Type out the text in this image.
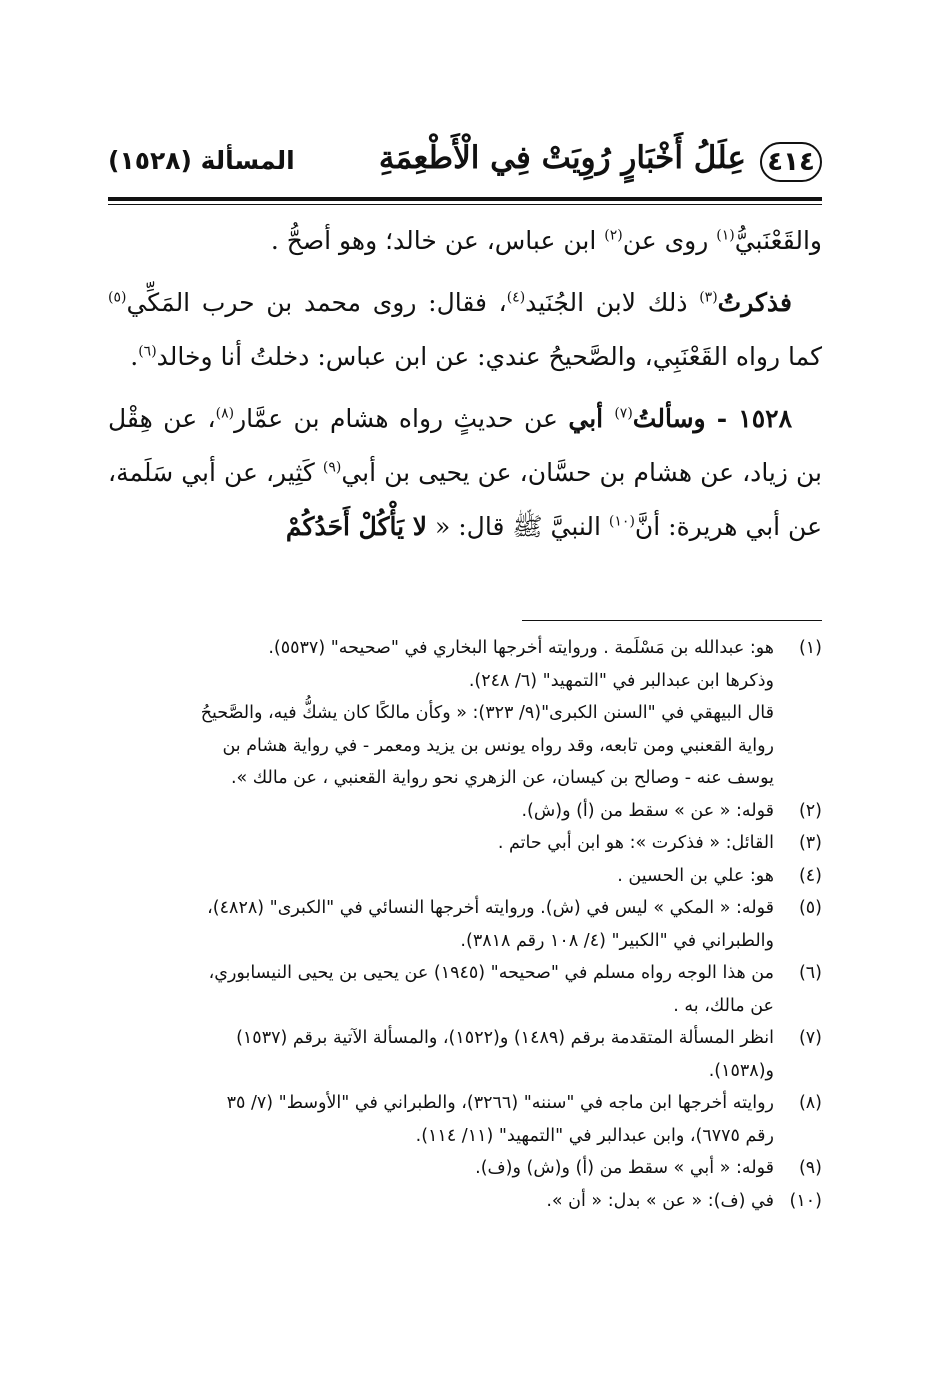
٤١٤
عِلَلُ أَخْبَارٍ رُوِيَتْ فِي الْأَطْعِمَةِ
المسألة (١٥٢٨)

والقَعْنَبيُّ$^{(١)}$ روى عن$^{(٢)}$ ابن عباس، عن خالد؛ وهو أصحُّ .

فذكرتُ$^{(٣)}$ ذلك لابن الجُنَيد$^{(٤)}$، فقال: روى محمد بن حرب المَكِّي$^{(٥)}$ كما رواه القَعْنَبِي، والصَّحيحُ عندي: عن ابن عباس: دخلتُ أنا وخالد$^{(٦)}$.

١٥٢٨ - وسألتُ$^{(٧)}$ أبي عن حديثٍ رواه هشام بن عمَّار$^{(٨)}$، عن هِقْل بن زياد، عن هشام بن حسَّان، عن يحيى بن أبي$^{(٩)}$ كَثِير، عن أبي سَلَمة، عن أبي هريرة: أنَّ$^{(١٠)}$ النبيَّ ﷺ قال: « لا يَأْكُلْ أَحَدُكُمْ

(١)
هو: عبدالله بن مَسْلَمة . وروايته أخرجها البخاري في "صحيحه" (٥٥٣٧).
وذكرها ابن عبدالبر في "التمهيد" (٦/ ٢٤٨).
قال البيهقي في "السنن الكبرى"(٩/ ٣٢٣): « وكأن مالكًا كان يشكُّ فيه، والصَّحيحُ
رواية القعنبي ومن تابعه، وقد رواه يونس بن يزيد ومعمر - في رواية هشام بن
يوسف عنه - وصالح بن كيسان، عن الزهري نحو رواية القعنبي ، عن مالك ».
(٢)
قوله: « عن » سقط من (أ) و(ش).
(٣)
القائل: « فذكرت »: هو ابن أبي حاتم .
(٤)
هو: علي بن الحسين .
(٥)
قوله: « المكي » ليس في (ش). وروايته أخرجها النسائي في "الكبرى" (٤٨٢٨)،
والطبراني في "الكبير" (٤/ ١٠٨ رقم ٣٨١٨).
(٦)
من هذا الوجه رواه مسلم في "صحيحه" (١٩٤٥) عن يحيى بن يحيى النيسابوري،
عن مالك، به .
(٧)
انظر المسألة المتقدمة برقم (١٤٨٩) و(١٥٢٢)، والمسألة الآتية برقم (١٥٣٧)
و(١٥٣٨).
(٨)
روايته أخرجها ابن ماجه في "سننه" (٣٢٦٦)، والطبراني في "الأوسط" (٧/ ٣٥
رقم ٦٧٧٥)، وابن عبدالبر في "التمهيد" (١١/ ١١٤).
(٩)
قوله: « أبي » سقط من (أ) و(ش) و(ف).
(١٠)
في (ف): « عن » بدل: « أن ».
